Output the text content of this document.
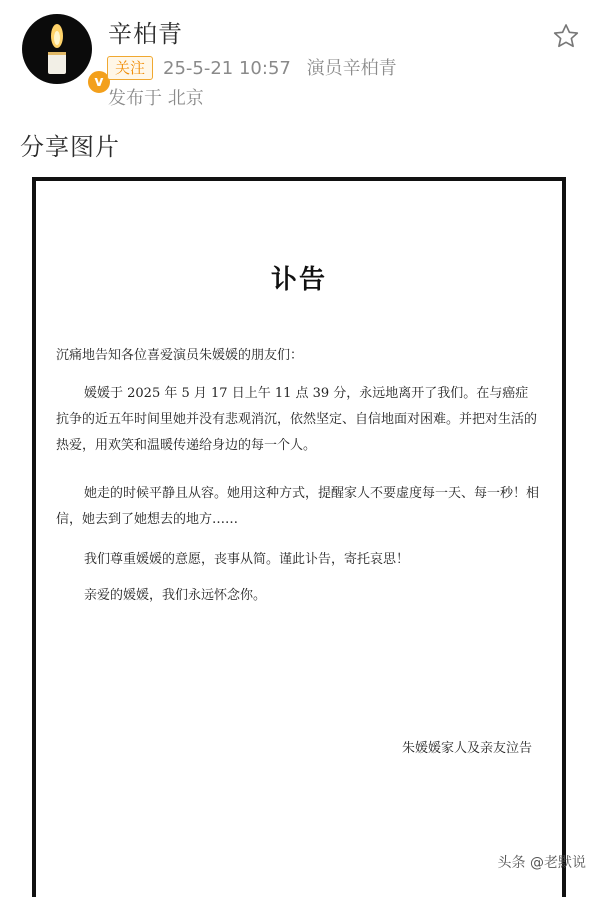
v
辛柏青
关注 25-5-21 10:57 演员辛柏青
发布于 北京
分享图片
讣告
沉痛地告知各位喜爱演员朱媛媛的朋友们：
媛媛于 2025 年 5 月 17 日上午 11 点 39 分，永远地离开了我们。在与癌症抗争的近五年时间里她并没有悲观消沉，依然坚定、自信地面对困难。并把对生活的热爱，用欢笑和温暖传递给身边的每一个人。
她走的时候平静且从容。她用这种方式，提醒家人不要虚度每一天、每一秒！相信，她去到了她想去的地方……
我们尊重媛媛的意愿，丧事从简。谨此讣告，寄托哀思！
亲爱的媛媛，我们永远怀念你。
朱媛媛家人及亲友泣告
头条 @老默说
